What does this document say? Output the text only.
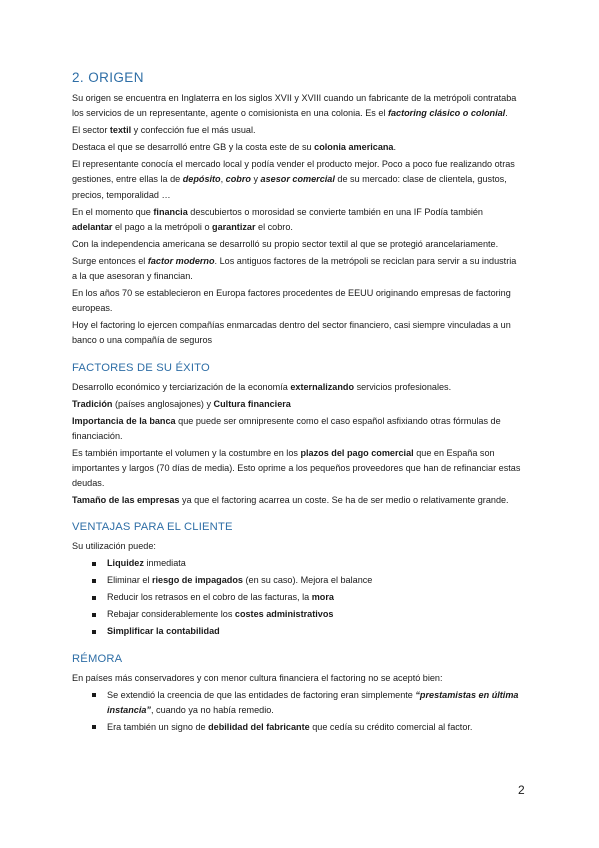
2. ORIGEN
Su origen se encuentra en Inglaterra en los siglos XVII y XVIII cuando un fabricante de la metrópoli contrataba los servicios de un representante, agente o comisionista en una colonia. Es el factoring clásico o colonial.
El sector textil y confección fue el más usual.
Destaca el que se desarrolló entre GB y la costa este de su colonia americana.
El representante conocía el mercado local y podía vender el producto mejor. Poco a poco fue realizando otras gestiones, entre ellas la de depósito, cobro y asesor comercial de su mercado: clase de clientela, gustos, precios, temporalidad …
En el momento que financia descubiertos o morosidad se convierte también en una IF Podía también adelantar el pago a la metrópoli o garantizar el cobro.
Con la independencia americana se desarrolló su propio sector textil al que se protegió arancelariamente.
Surge entonces el factor moderno. Los antiguos factores de la metrópoli se reciclan para servir a su industria a la que asesoran y financian.
En los años 70 se establecieron en Europa factores procedentes de EEUU originando empresas de factoring europeas.
Hoy el factoring lo ejercen compañías enmarcadas dentro del sector financiero, casi siempre vinculadas a un banco o una compañía de seguros
FACTORES DE SU ÉXITO
Desarrollo económico y terciarización de la economía externalizando servicios profesionales.
Tradición (países anglosajones) y Cultura financiera
Importancia de la banca que puede ser omnipresente como el caso español asfixiando otras fórmulas de financiación.
Es también importante el volumen y la costumbre en los plazos del pago comercial que en España son importantes y largos (70 días de media). Esto oprime a los pequeños proveedores que han de refinanciar estas deudas.
Tamaño de las empresas ya que el factoring acarrea un coste. Se ha de ser medio o relativamente grande.
VENTAJAS PARA EL CLIENTE
Su utilización puede:
Liquidez inmediata
Eliminar el riesgo de impagados (en su caso). Mejora el balance
Reducir los retrasos en el cobro de las facturas, la mora
Rebajar considerablemente los costes administrativos
Simplificar la contabilidad
RÉMORA
En países más conservadores y con menor cultura financiera el factoring no se aceptó bien:
Se extendió la creencia de que las entidades de factoring eran simplemente “prestamistas en última instancia”, cuando ya no había remedio.
Era también un signo de debilidad del fabricante que cedía su crédito comercial al factor.
2
